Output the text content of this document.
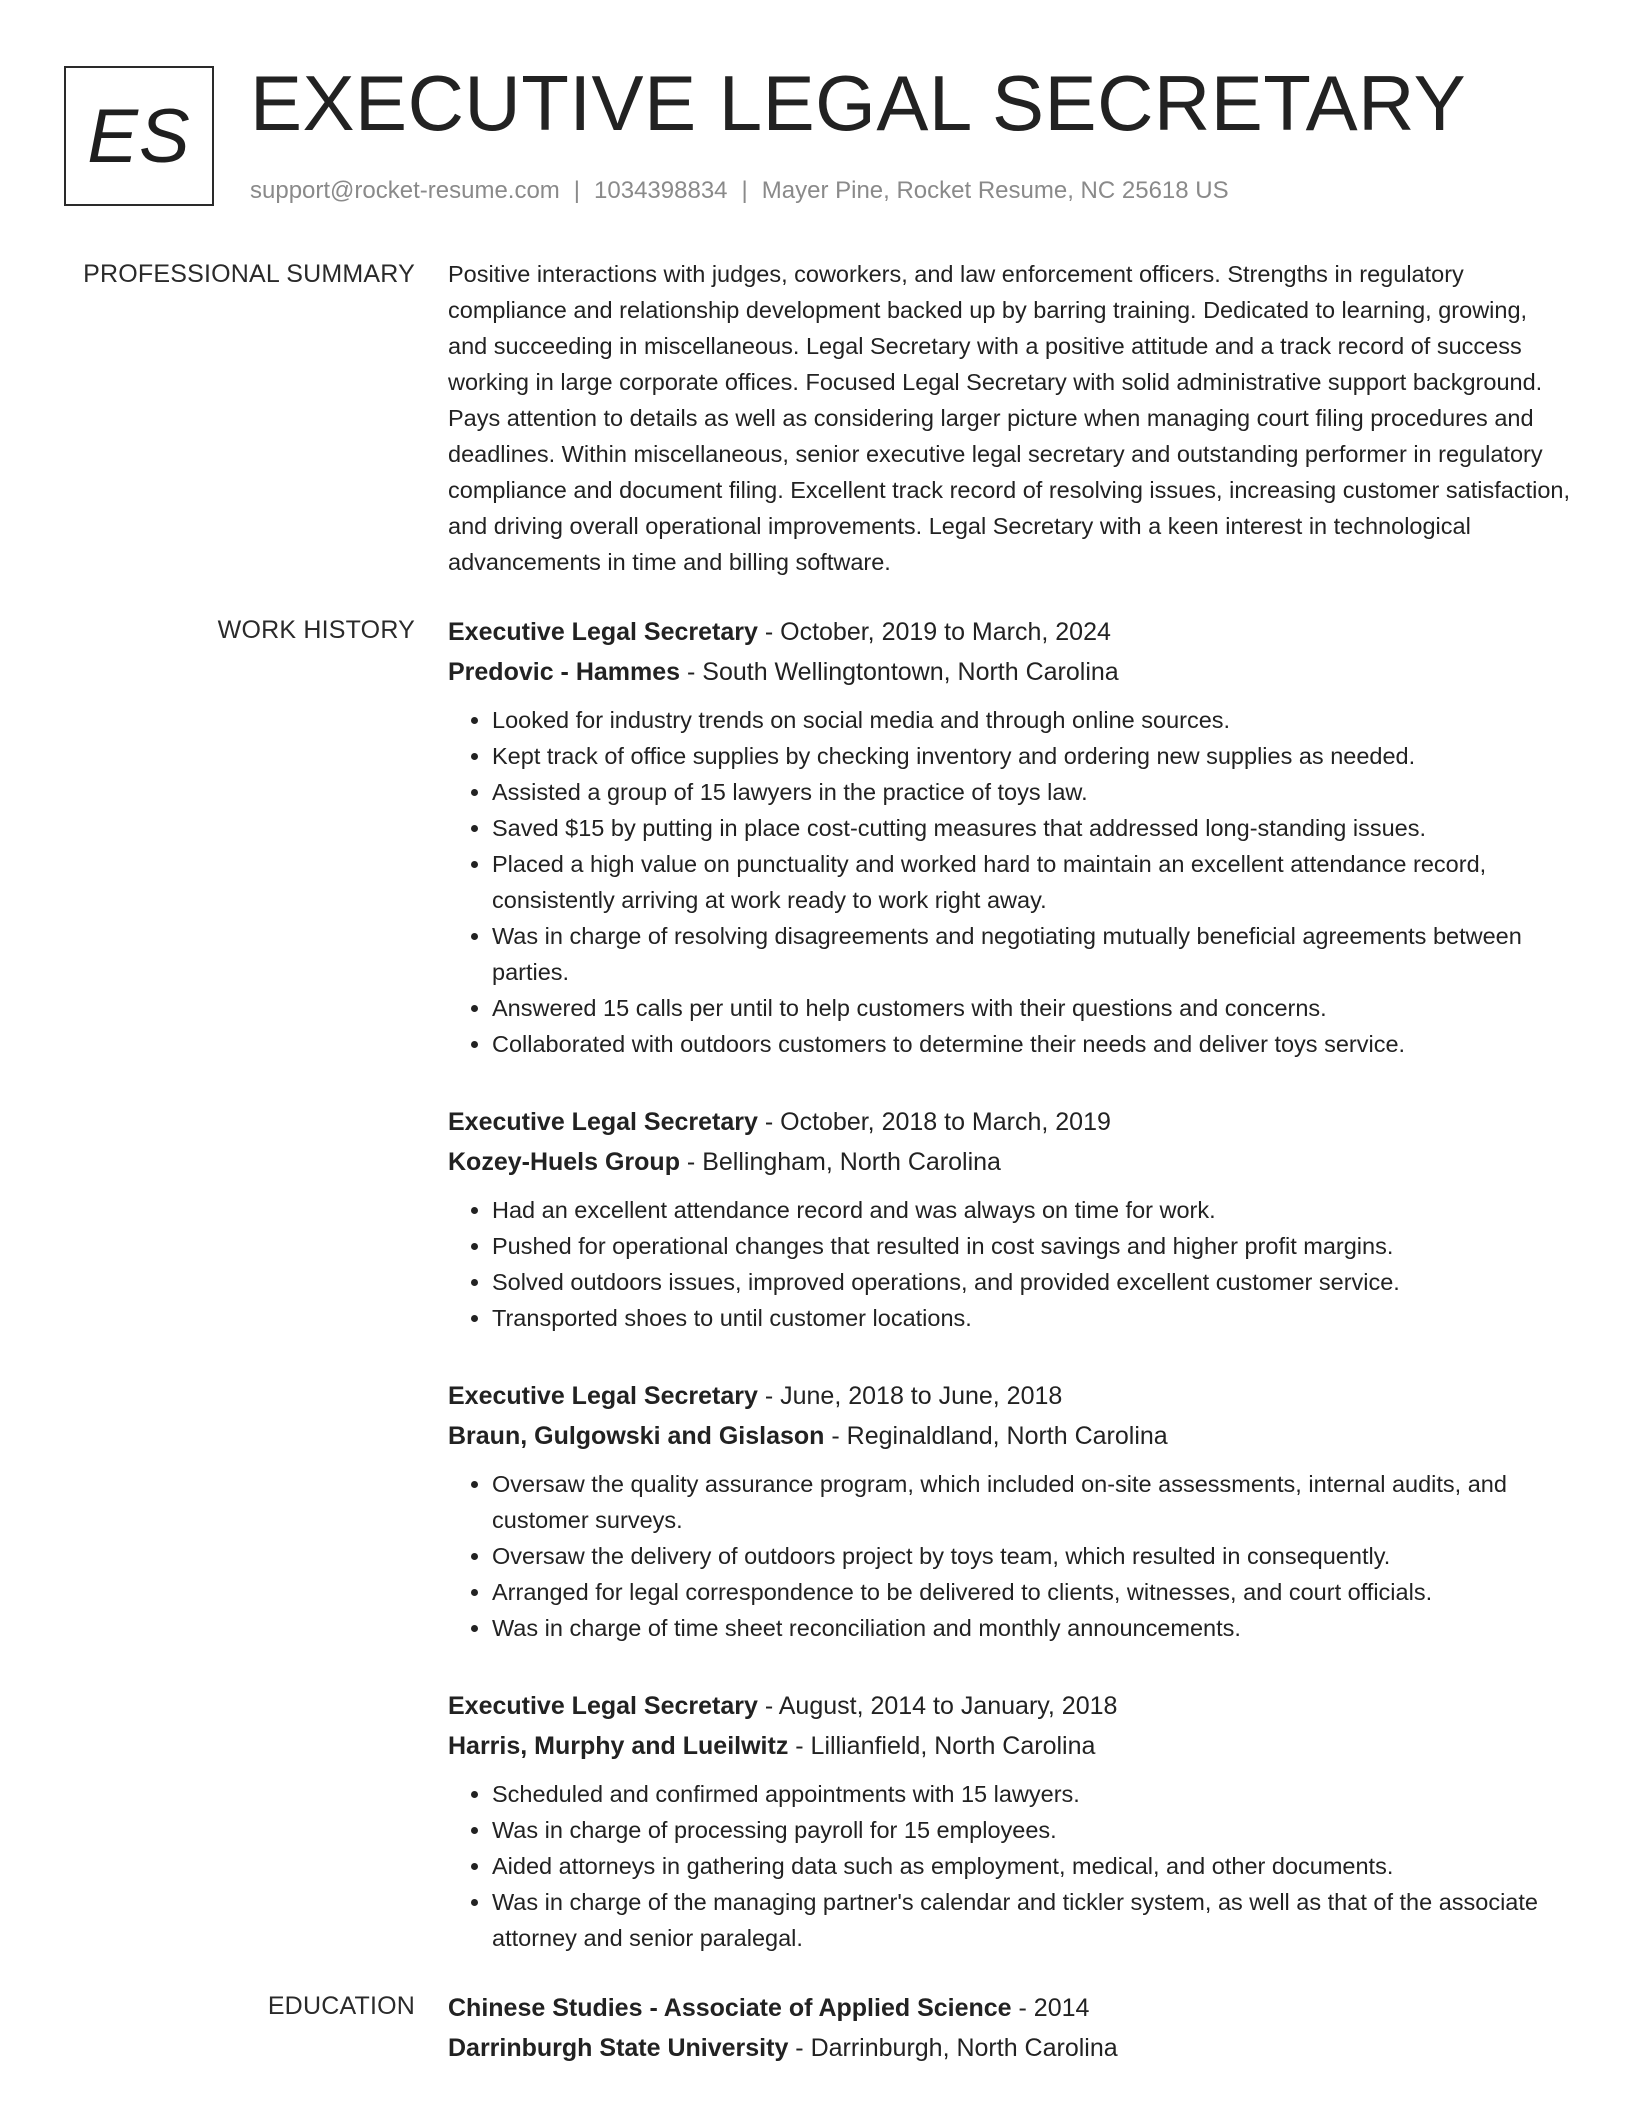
ES EXECUTIVE LEGAL SECRETARY
support@rocket-resume.com | 1034398834 | Mayer Pine, Rocket Resume, NC 25618 US
PROFESSIONAL SUMMARY Positive interactions with judges, coworkers, and law enforcement officers. Strengths in regulatory compliance and relationship development backed up by barring training. Dedicated to learning, growing, and succeeding in miscellaneous. Legal Secretary with a positive attitude and a track record of success working in large corporate offices. Focused Legal Secretary with solid administrative support background. Pays attention to details as well as considering larger picture when managing court filing procedures and deadlines. Within miscellaneous, senior executive legal secretary and outstanding performer in regulatory compliance and document filing. Excellent track record of resolving issues, increasing customer satisfaction, and driving overall operational improvements. Legal Secretary with a keen interest in technological advancements in time and billing software.

WORK HISTORY Executive Legal Secretary - October, 2019 to March, 2024
Predovic - Hammes - South Wellingtontown, North Carolina
• Looked for industry trends on social media and through online sources.
• Kept track of office supplies by checking inventory and ordering new supplies as needed.
• Assisted a group of 15 lawyers in the practice of toys law.
• Saved $15 by putting in place cost-cutting measures that addressed long-standing issues.
• Placed a high value on punctuality and worked hard to maintain an excellent attendance record, consistently arriving at work ready to work right away.
• Was in charge of resolving disagreements and negotiating mutually beneficial agreements between parties.
• Answered 15 calls per until to help customers with their questions and concerns.
• Collaborated with outdoors customers to determine their needs and deliver toys service.
Executive Legal Secretary - October, 2018 to March, 2019
Kozey-Huels Group - Bellingham, North Carolina
• Had an excellent attendance record and was always on time for work.
• Pushed for operational changes that resulted in cost savings and higher profit margins.
• Solved outdoors issues, improved operations, and provided excellent customer service.
• Transported shoes to until customer locations.
Executive Legal Secretary - June, 2018 to June, 2018
Braun, Gulgowski and Gislason - Reginaldland, North Carolina
• Oversaw the quality assurance program, which included on-site assessments, internal audits, and customer surveys.
• Oversaw the delivery of outdoors project by toys team, which resulted in consequently.
• Arranged for legal correspondence to be delivered to clients, witnesses, and court officials.
• Was in charge of time sheet reconciliation and monthly announcements.
Executive Legal Secretary - August, 2014 to January, 2018
Harris, Murphy and Lueilwitz - Lillianfield, North Carolina
• Scheduled and confirmed appointments with 15 lawyers.
• Was in charge of processing payroll for 15 employees.
• Aided attorneys in gathering data such as employment, medical, and other documents.
• Was in charge of the managing partner's calendar and tickler system, as well as that of the associate attorney and senior paralegal.
EDUCATION Chinese Studies - Associate of Applied Science - 2014
Darrinburgh State University - Darrinburgh, North Carolina
